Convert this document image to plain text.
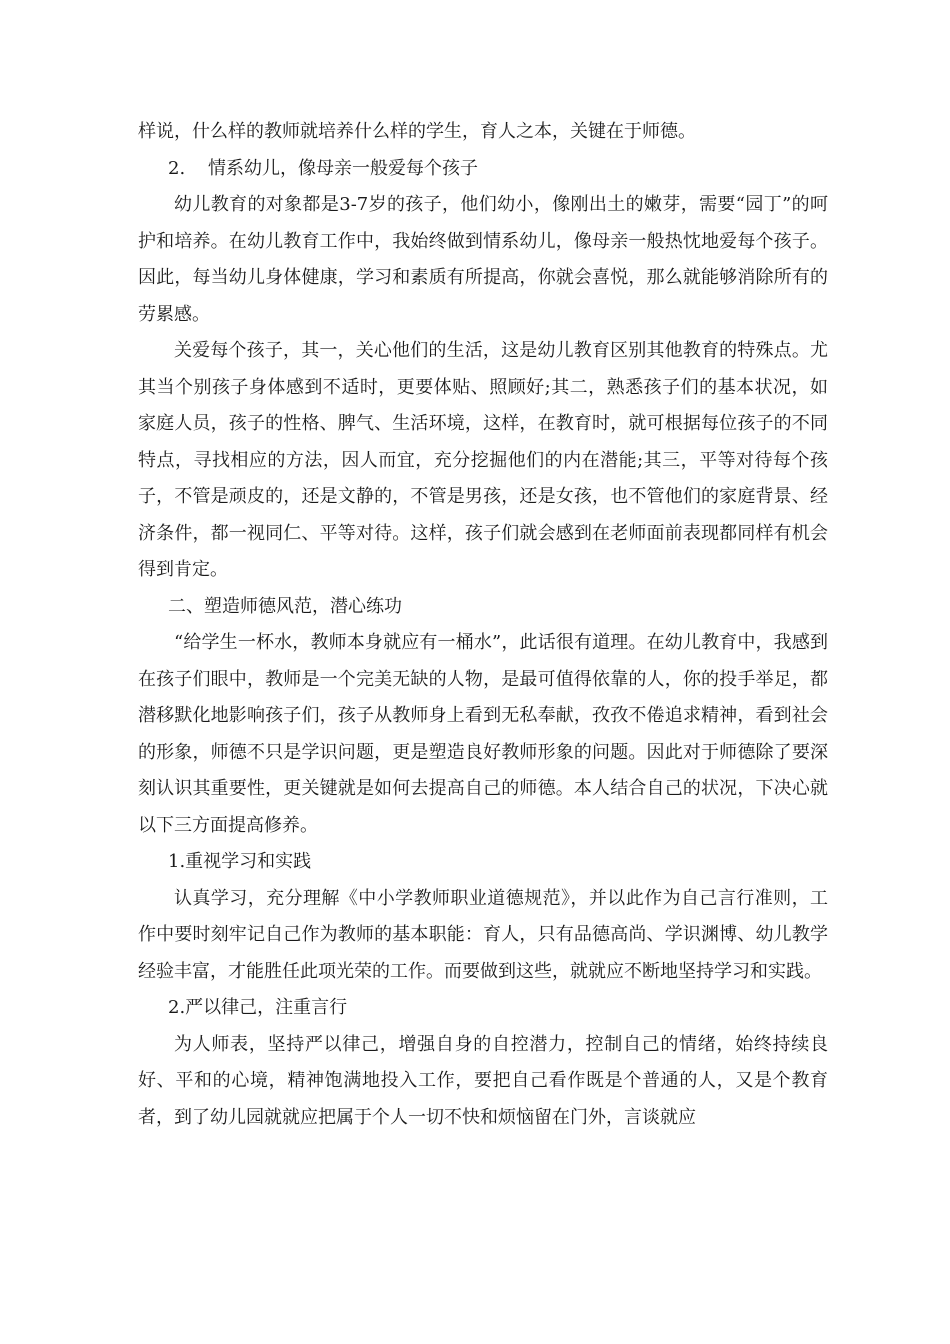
样说，什么样的教师就培养什么样的学生，育人之本，关键在于师德。

2.    情系幼儿，像母亲一般爱每个孩子

幼儿教育的对象都是3-7岁的孩子，他们幼小，像刚出土的嫩芽，需要“园丁”的呵护和培养。在幼儿教育工作中，我始终做到情系幼儿，像母亲一般热忱地爱每个孩子。因此，每当幼儿身体健康，学习和素质有所提高，你就会喜悦，那么就能够消除所有的劳累感。

关爱每个孩子，其一，关心他们的生活，这是幼儿教育区别其他教育的特殊点。尤其当个别孩子身体感到不适时，更要体贴、照顾好;其二，熟悉孩子们的基本状况，如家庭人员，孩子的性格、脾气、生活环境，这样，在教育时，就可根据每位孩子的不同特点，寻找相应的方法，因人而宜，充分挖掘他们的内在潜能;其三，平等对待每个孩子，不管是顽皮的，还是文静的，不管是男孩，还是女孩，也不管他们的家庭背景、经济条件，都一视同仁、平等对待。这样，孩子们就会感到在老师面前表现都同样有机会得到肯定。

二、塑造师德风范，潜心练功

“给学生一杯水，教师本身就应有一桶水”，此话很有道理。在幼儿教育中，我感到在孩子们眼中，教师是一个完美无缺的人物，是最可值得依靠的人，你的投手举足，都潜移默化地影响孩子们，孩子从教师身上看到无私奉献，孜孜不倦追求精神，看到社会的形象，师德不只是学识问题，更是塑造良好教师形象的问题。因此对于师德除了要深刻认识其重要性，更关键就是如何去提高自己的师德。本人结合自己的状况，下决心就以下三方面提高修养。

1.重视学习和实践

认真学习，充分理解《中小学教师职业道德规范》，并以此作为自己言行准则，工作中要时刻牢记自己作为教师的基本职能：育人，只有品德高尚、学识渊博、幼儿教学经验丰富，才能胜任此项光荣的工作。而要做到这些，就就应不断地坚持学习和实践。

2.严以律己，注重言行

为人师表，坚持严以律己，增强自身的自控潜力，控制自己的情绪，始终持续良好、平和的心境，精神饱满地投入工作，要把自己看作既是个普通的人，又是个教育者，到了幼儿园就就应把属于个人一切不快和烦恼留在门外，言谈就应
